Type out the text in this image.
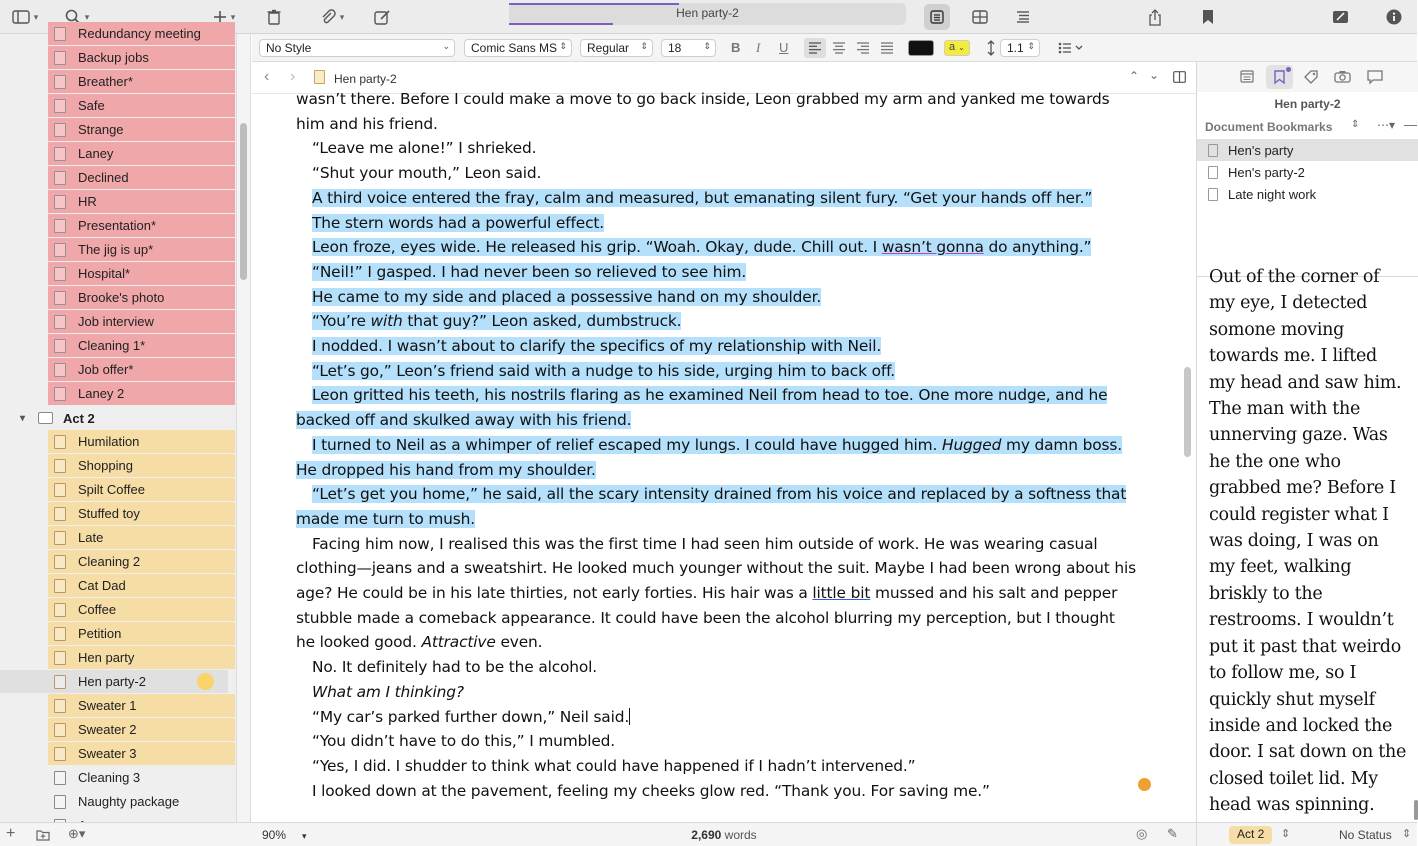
▾	▾	▾	▾	Hen party-2
Redundancy meeting
Backup jobs
Breather*
Safe
Strange
Laney
Declined
HR
Presentation*
The jig is up*
Hospital*
Brooke's photo
Job interview
Cleaning 1*
Job offer*
Laney 2
▾	Act 2
Humilation
Shopping
Spilt Coffee
Stuffed toy
Late
Cleaning 2
Cat Dad
Coffee
Petition
Hen party
Hen party-2
Sweater 1
Sweater 2
Sweater 3
Cleaning 3
Naughty package
No Style	⌄	Comic Sans MS ⇕	Regular ⇕	18 ⇕ B I U	a ⌄	1.1 ⇕
‹ ›	Hen party-2	⌃ ⌄

wasn’t there. Before I could make a move to go back inside, Leon grabbed my arm and yanked me towards him and his friend.

“Leave me alone!” I shrieked.

“Shut your mouth,” Leon said.

A third voice entered the fray, calm and measured, but emanating silent fury. “Get your hands off her.”

The stern words had a powerful effect.

Leon froze, eyes wide. He released his grip. “Woah. Okay, dude. Chill out. I wasn’t gonna do anything.”

“Neil!” I gasped. I had never been so relieved to see him.

He came to my side and placed a possessive hand on my shoulder.

“You’re with that guy?” Leon asked, dumbstruck.

I nodded. I wasn’t about to clarify the specifics of my relationship with Neil.

“Let’s go,” Leon’s friend said with a nudge to his side, urging him to back off.

Leon gritted his teeth, his nostrils flaring as he examined Neil from head to toe. One more nudge, and he backed off and skulked away with his friend.

I turned to Neil as a whimper of relief escaped my lungs. I could have hugged him. Hugged my damn boss. He dropped his hand from my shoulder.

“Let’s get you home,” he said, all the scary intensity drained from his voice and replaced by a softness that made me turn to mush.

Facing him now, I realised this was the first time I had seen him outside of work. He was wearing casual clothing—jeans and a sweatshirt. He looked much younger without the suit. Maybe I had been wrong about his age? He could be in his late thirties, not early forties. His hair was a little bit mussed and his salt and pepper stubble made a comeback appearance. It could have been the alcohol blurring my perception, but I thought he looked good. Attractive even.

No. It definitely had to be the alcohol.

What am I thinking?

“My car’s parked further down,” Neil said.

“You didn’t have to do this,” I mumbled.

“Yes, I did. I shudder to think what could have happened if I hadn’t intervened.”

I looked down at the pavement, feeling my cheeks glow red. “Thank you. For saving me.”

Hen party-2
Document Bookmarks ⇕ ⋯▾ —
Hen's party
Hen's party-2
Late night work
Out of the corner of
my eye, I detected
somone moving
towards me. I lifted
my head and saw him.
The man with the
unnerving gaze. Was
he the one who
grabbed me? Before I
could register what I
was doing, I was on
my feet, walking
briskly to the
restrooms. I wouldn’t
put it past that weirdo
to follow me, so I
quickly shut myself
inside and locked the
door. I sat down on the
closed toilet lid. My
head was spinning.
+	⊕▾	90% ▾	2,690 words	◎ ✎	Act 2	⇕	No Status ⇕
